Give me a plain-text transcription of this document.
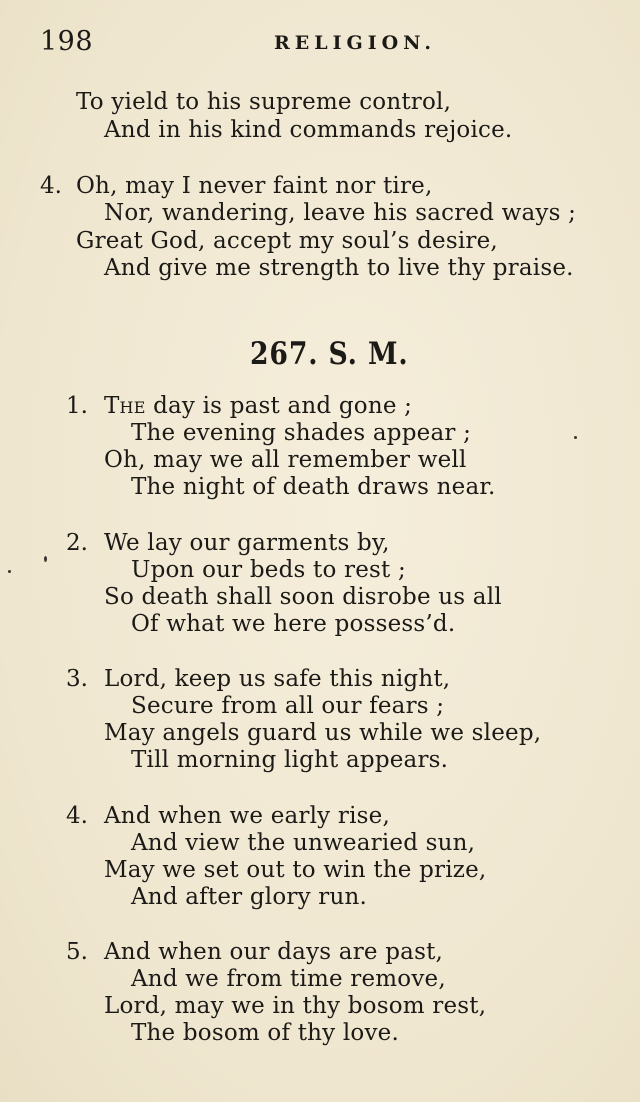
198	RELIGION.
To yield to his supreme control,
And in his kind commands rejoice.
4. Oh, may I never faint nor tire,
Nor, wandering, leave his sacred ways ;
Great God, accept my soul’s desire,
And give me strength to live thy praise.
267. S. M.
1. The day is past and gone ;
The evening shades appear ;
Oh, may we all remember well
The night of death draws near.
2. We lay our garments by,
Upon our beds to rest ;
So death shall soon disrobe us all
Of what we here possess’d.
3. Lord, keep us safe this night,
Secure from all our fears ;
May angels guard us while we sleep,
Till morning light appears.
4. And when we early rise,
And view the unwearied sun,
May we set out to win the prize,
And after glory run.
5. And when our days are past,
And we from time remove,
Lord, may we in thy bosom rest,
The bosom of thy love.
